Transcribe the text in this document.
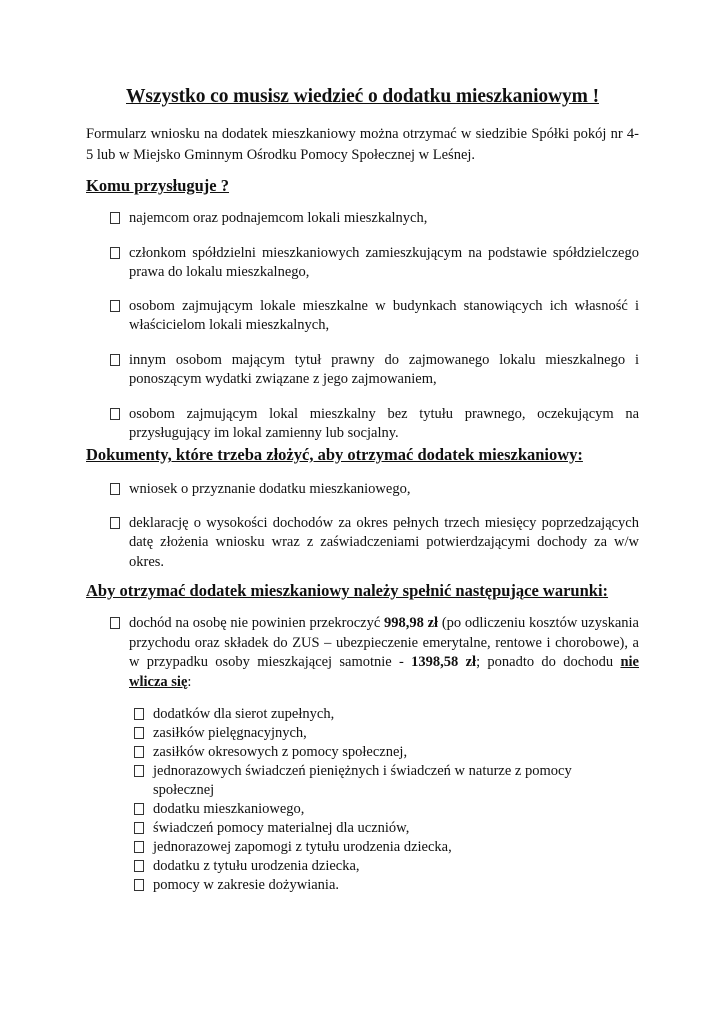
Wszystko co musisz wiedzieć o dodatku mieszkaniowym !

Formularz wniosku na dodatek mieszkaniowy można otrzymać w siedzibie Spółki pokój nr 4-5 lub w Miejsko Gminnym Ośrodku Pomocy Społecznej w Leśnej.

Komu przysługuje ?
najemcom oraz podnajemcom lokali mieszkalnych,
członkom spółdzielni mieszkaniowych zamieszkującym na podstawie spółdzielczego prawa do lokalu mieszkalnego,
osobom zajmującym lokale mieszkalne w budynkach stanowiących ich własność i właścicielom lokali mieszkalnych,
innym osobom mającym tytuł prawny do zajmowanego lokalu mieszkalnego i ponoszącym wydatki związane z jego zajmowaniem,
osobom zajmującym lokal mieszkalny bez tytułu prawnego, oczekującym na przysługujący im lokal zamienny lub socjalny.
Dokumenty, które trzeba złożyć, aby otrzymać dodatek mieszkaniowy:
wniosek o przyznanie dodatku mieszkaniowego,
deklarację o wysokości dochodów za okres pełnych trzech miesięcy poprzedzających datę złożenia wniosku wraz z zaświadczeniami potwierdzającymi dochody za w/w okres.
Aby otrzymać dodatek mieszkaniowy należy spełnić następujące warunki:
dochód na osobę nie powinien przekroczyć 998,98 zł (po odliczeniu kosztów uzyskania przychodu oraz składek do ZUS – ubezpieczenie emerytalne, rentowe i chorobowe), a w przypadku osoby mieszkającej samotnie - 1398,58 zł; ponadto do dochodu nie wlicza się:
dodatków dla sierot zupełnych,
zasiłków pielęgnacyjnych,
zasiłków okresowych z pomocy społecznej,
jednorazowych świadczeń pieniężnych i świadczeń w naturze z pomocy społecznej
dodatku mieszkaniowego,
świadczeń pomocy materialnej dla uczniów,
jednorazowej zapomogi z tytułu urodzenia dziecka,
dodatku z tytułu urodzenia dziecka,
pomocy w zakresie dożywiania.
